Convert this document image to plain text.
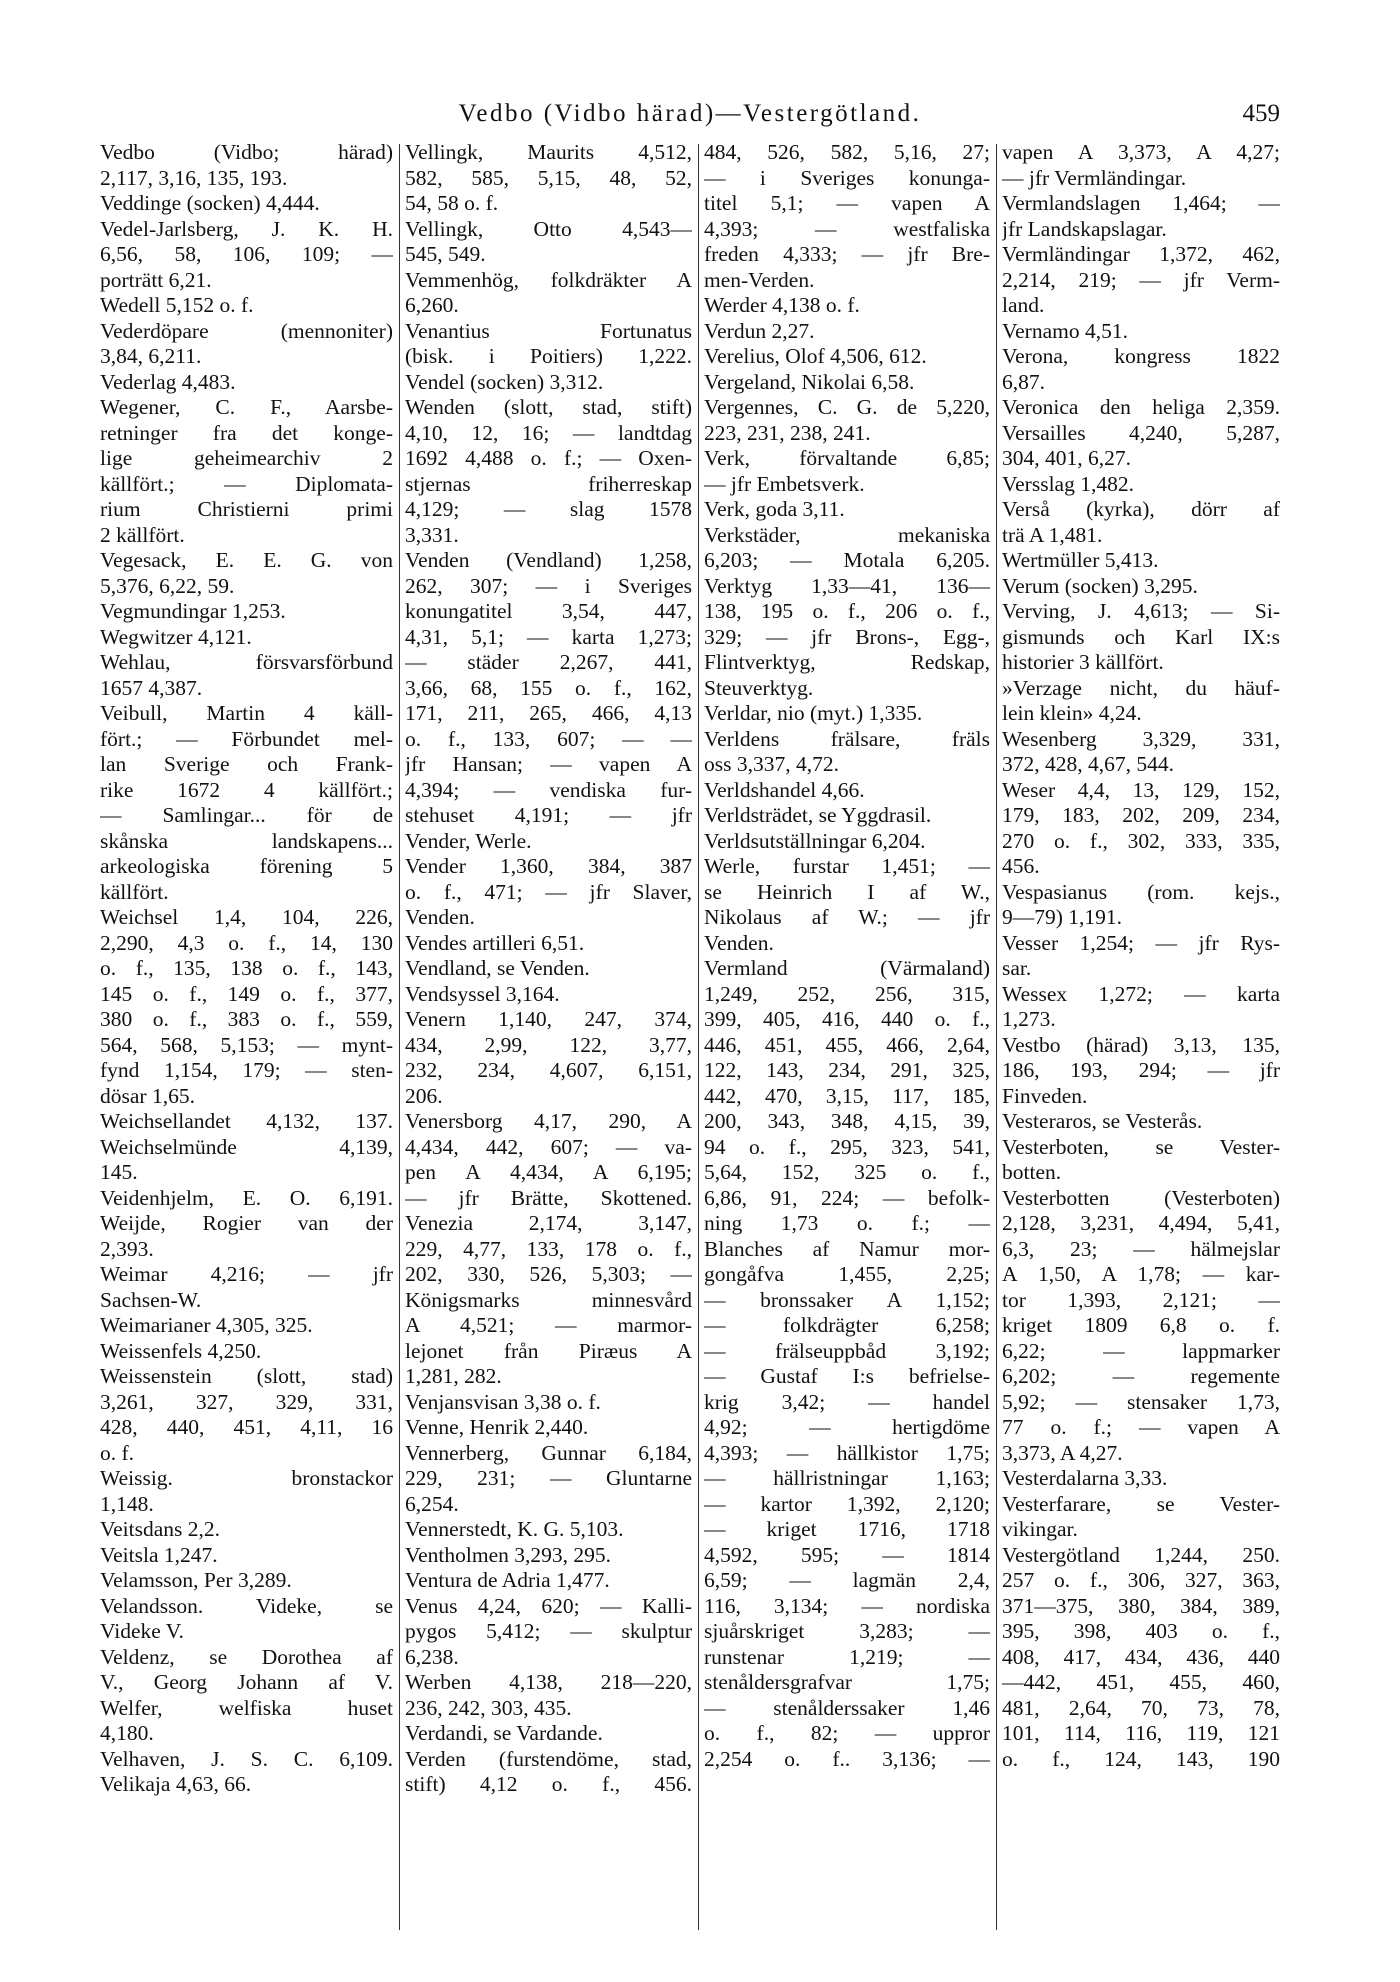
Vedbo (Vidbo härad)—Vestergötland.	459
Vedbo (Vidbo; härad)
2,117, 3,16, 135, 193.
Veddinge (socken) 4,444.
Vedel-Jarlsberg, J. K. H.
6,56, 58, 106, 109; —
porträtt 6,21.
Wedell 5,152 o. f.
Vederdöpare (mennoniter)
3,84, 6,211.
Vederlag 4,483.
Wegener, C. F., Aarsbe-
retninger fra det konge-
lige geheimearchiv 2
källfört.; — Diplomata-
rium Christierni primi
2 källfört.
Vegesack, E. E. G. von
5,376, 6,22, 59.
Vegmundingar 1,253.
Wegwitzer 4,121.
Wehlau, försvarsförbund
1657 4,387.
Veibull, Martin 4 käll-
fört.; — Förbundet mel-
lan Sverige och Frank-
rike 1672 4 källfört.;
— Samlingar... för de
skånska landskapens...
arkeologiska förening 5
källfört.
Weichsel 1,4, 104, 226,
2,290, 4,3 o. f., 14, 130
o. f., 135, 138 o. f., 143,
145 o. f., 149 o. f., 377,
380 o. f., 383 o. f., 559,
564, 568, 5,153; — mynt-
fynd 1,154, 179; — sten-
dösar 1,65.
Weichsellandet 4,132, 137.
Weichselmünde 4,139,
145.
Veidenhjelm, E. O. 6,191.
Weijde, Rogier van der
2,393.
Weimar 4,216; — jfr
Sachsen-W.
Weimarianer 4,305, 325.
Weissenfels 4,250.
Weissenstein (slott, stad)
3,261, 327, 329, 331,
428, 440, 451, 4,11, 16
o. f.
Weissig. bronstackor
1,148.
Veitsdans 2,2.
Veitsla 1,247.
Velamsson, Per 3,289.
Velandsson. Videke, se
Videke V.
Veldenz, se Dorothea af
V., Georg Johann af V.
Welfer, welfiska huset
4,180.
Velhaven, J. S. C. 6,109.
Velikaja 4,63, 66.
Vellingk, Maurits 4,512,
582, 585, 5,15, 48, 52,
54, 58 o. f.
Vellingk, Otto 4,543—
545, 549.
Vemmenhög, folkdräkter A
6,260.
Venantius Fortunatus
(bisk. i Poitiers) 1,222.
Vendel (socken) 3,312.
Wenden (slott, stad, stift)
4,10, 12, 16; — landtdag
1692 4,488 o. f.; — Oxen-
stjernas friherreskap
4,129; — slag 1578
3,331.
Venden (Vendland) 1,258,
262, 307; — i Sveriges
konungatitel 3,54, 447,
4,31, 5,1; — karta 1,273;
— städer 2,267, 441,
3,66, 68, 155 o. f., 162,
171, 211, 265, 466, 4,13
o. f., 133, 607; — —
jfr Hansan; — vapen A
4,394; — vendiska fur-
stehuset 4,191; — jfr
Vender, Werle.
Vender 1,360, 384, 387
o. f., 471; — jfr Slaver,
Venden.
Vendes artilleri 6,51.
Vendland, se Venden.
Vendsyssel 3,164.
Venern 1,140, 247, 374,
434, 2,99, 122, 3,77,
232, 234, 4,607, 6,151,
206.
Venersborg 4,17, 290, A
4,434, 442, 607; — va-
pen A 4,434, A 6,195;
— jfr Brätte, Skottened.
Venezia 2,174, 3,147,
229, 4,77, 133, 178 o. f.,
202, 330, 526, 5,303; —
Königsmarks minnesvård
A 4,521; — marmor-
lejonet från Piræus A
1,281, 282.
Venjansvisan 3,38 o. f.
Venne, Henrik 2,440.
Vennerberg, Gunnar 6,184,
229, 231; — Gluntarne
6,254.
Vennerstedt, K. G. 5,103.
Ventholmen 3,293, 295.
Ventura de Adria 1,477.
Venus 4,24, 620; — Kalli-
pygos 5,412; — skulptur
6,238.
Werben 4,138, 218—220,
236, 242, 303, 435.
Verdandi, se Vardande.
Verden (furstendöme, stad,
stift) 4,12 o. f., 456.
484, 526, 582, 5,16, 27;
— i Sveriges konunga-
titel 5,1; — vapen A
4,393; — westfaliska
freden 4,333; — jfr Bre-
men-Verden.
Werder 4,138 o. f.
Verdun 2,27.
Verelius, Olof 4,506, 612.
Vergeland, Nikolai 6,58.
Vergennes, C. G. de 5,220,
223, 231, 238, 241.
Verk, förvaltande 6,85;
— jfr Embetsverk.
Verk, goda 3,11.
Verkstäder, mekaniska
6,203; — Motala 6,205.
Verktyg 1,33—41, 136—
138, 195 o. f., 206 o. f.,
329; — jfr Brons-, Egg-,
Flintverktyg, Redskap,
Steuverktyg.
Verldar, nio (myt.) 1,335.
Verldens frälsare, fräls
oss 3,337, 4,72.
Verldshandel 4,66.
Verldsträdet, se Yggdrasil.
Verldsutställningar 6,204.
Werle, furstar 1,451; —
se Heinrich I af W.,
Nikolaus af W.; — jfr
Venden.
Vermland (Värmaland)
1,249, 252, 256, 315,
399, 405, 416, 440 o. f.,
446, 451, 455, 466, 2,64,
122, 143, 234, 291, 325,
442, 470, 3,15, 117, 185,
200, 343, 348, 4,15, 39,
94 o. f., 295, 323, 541,
5,64, 152, 325 o. f.,
6,86, 91, 224; — befolk-
ning 1,73 o. f.; —
Blanches af Namur mor-
gongåfva 1,455, 2,25;
— bronssaker A 1,152;
— folkdrägter 6,258;
— frälseuppbåd 3,192;
— Gustaf I:s befrielse-
krig 3,42; — handel
4,92; — hertigdöme
4,393; — hällkistor 1,75;
— hällristningar 1,163;
— kartor 1,392, 2,120;
— kriget 1716, 1718
4,592, 595; — 1814
6,59; — lagmän 2,4,
116, 3,134; — nordiska
sjuårskriget 3,283; —
runstenar 1,219; —
stenåldersgrafvar 1,75;
— stenålderssaker 1,46
o. f., 82; — uppror
2,254 o. f.. 3,136; —
vapen A 3,373, A 4,27;
— jfr Vermländingar.
Vermlandslagen 1,464; —
jfr Landskapslagar.
Vermländingar 1,372, 462,
2,214, 219; — jfr Verm-
land.
Vernamo 4,51.
Verona, kongress 1822
6,87.
Veronica den heliga 2,359.
Versailles 4,240, 5,287,
304, 401, 6,27.
Versslag 1,482.
Verså (kyrka), dörr af
trä A 1,481.
Wertmüller 5,413.
Verum (socken) 3,295.
Verving, J. 4,613; — Si-
gismunds och Karl IX:s
historier 3 källfört.
»Verzage nicht, du häuf-
lein klein» 4,24.
Wesenberg 3,329, 331,
372, 428, 4,67, 544.
Weser 4,4, 13, 129, 152,
179, 183, 202, 209, 234,
270 o. f., 302, 333, 335,
456.
Vespasianus (rom. kejs.,
9—79) 1,191.
Vesser 1,254; — jfr Rys-
sar.
Wessex 1,272; — karta
1,273.
Vestbo (härad) 3,13, 135,
186, 193, 294; — jfr
Finveden.
Vesteraros, se Vesterås.
Vesterboten, se Vester-
botten.
Vesterbotten (Vesterboten)
2,128, 3,231, 4,494, 5,41,
6,3, 23; — hälmejslar
A 1,50, A 1,78; — kar-
tor 1,393, 2,121; —
kriget 1809 6,8 o. f.
6,22; — lappmarker
6,202; — regemente
5,92; — stensaker 1,73,
77 o. f.; — vapen A
3,373, A 4,27.
Vesterdalarna 3,33.
Vesterfarare, se Vester-
vikingar.
Vestergötland 1,244, 250.
257 o. f., 306, 327, 363,
371—375, 380, 384, 389,
395, 398, 403 o. f.,
408, 417, 434, 436, 440
—442, 451, 455, 460,
481, 2,64, 70, 73, 78,
101, 114, 116, 119, 121
o. f., 124, 143, 190
